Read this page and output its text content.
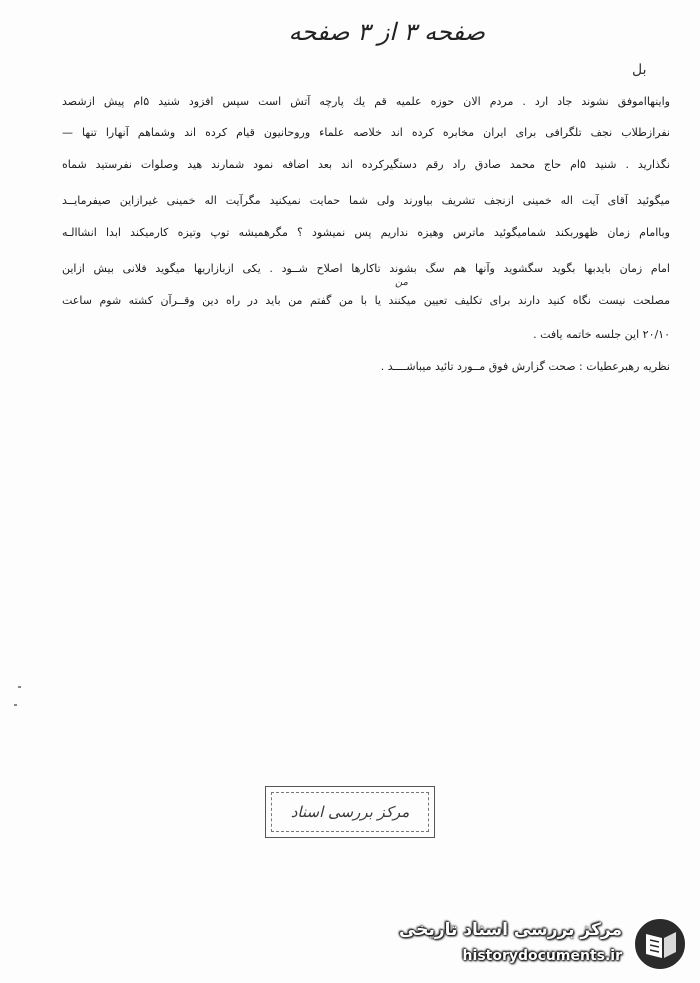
صفحه ۳ از ۳ صفحه
بل
واینهااموفق نشوند جاد ارد . مردم الان حوزه علمیه قم یك پارچه آتش است سپس افزود شنید ۵ام پیش ازشصد
نفرازطلاب نجف تلگرافی برای ایران مخابره کرده اند خلاصه علماء وروحانیون قیام کرده اند وشماهم آنهارا تنها —
نگذارید . شنید ۵ام حاج محمد صادق راد رقم دستگیرکرده اند بعد اضافه نمود شمارند هید وصلوات نفرستید شماه
میگوئید آقای آیت اله خمینی ازنجف تشریف بیاورند ولی شما حمایت نمیکنید مگرآیت اله خمینی غیرازاین صیفرمایــد
وباامام زمان ظهوربکند شمامیگوئید ماترس وهیزه نداریم پس نمیشود ؟ مگرهمیشه توپ وتیزه کارمیکند ابدا انشاالـه
امام زمان بایدبها بگوید سگشوید وآنها هم سگ بشوند تاکارها اصلاح شــود . یکی ازبازاریها میگوید فلانی بیش ازاین
من
مصلحت نیست نگاه کنید دارند برای تکلیف تعیین میکنند یا با من گفتم من باید در راه دین وقــرآن کشته شوم ساعت
۲۰/۱۰ این جلسه خاتمه یافت .
نظریه رهبرعطیات : صحت گزارش فوق مــورد تائید میباشــــد .
مرکز بررسی اسناد
مرکز بررسی اسناد تاریخی
historydocuments.ir
